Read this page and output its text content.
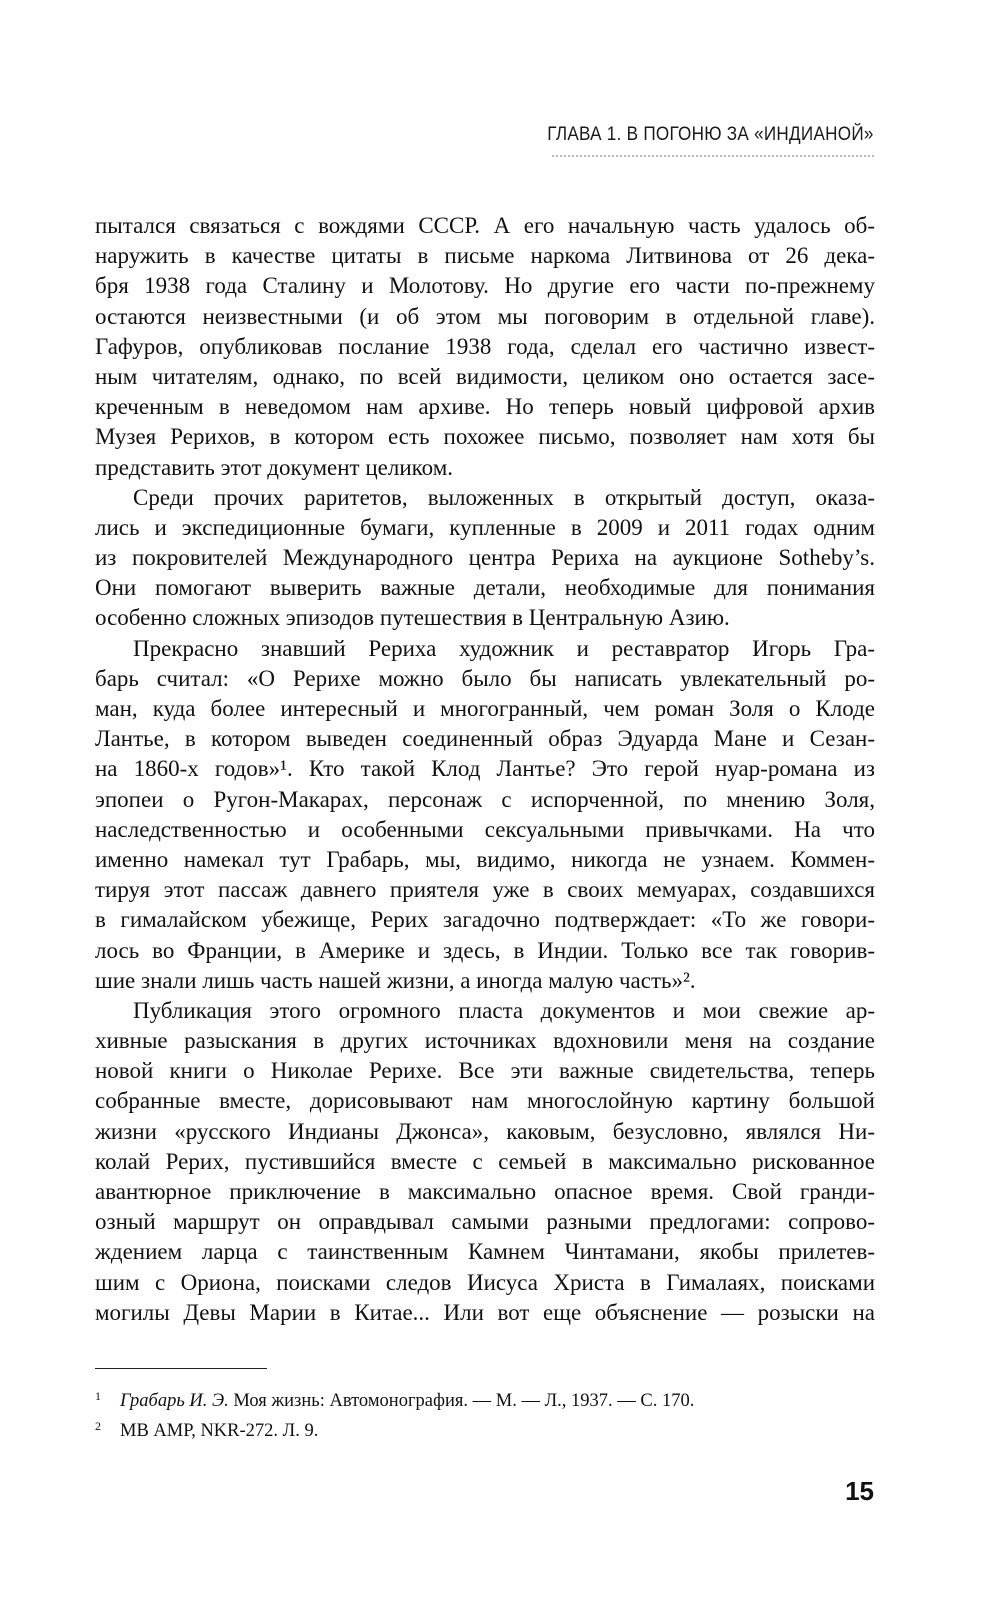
ГЛАВА 1. В ПОГОНЮ ЗА «ИНДИАНОЙ»
пытался связаться с вождями СССР. А его начальную часть удалось об-
наружить в качестве цитаты в письме наркома Литвинова от 26 дека-
бря 1938 года Сталину и Молотову. Но другие его части по-прежнему
остаются неизвестными (и об этом мы поговорим в отдельной главе).
Гафуров, опубликовав послание 1938 года, сделал его частично извест-
ным читателям, однако, по всей видимости, целиком оно остается засе-
креченным в неведомом нам архиве. Но теперь новый цифровой архив
Музея Рерихов, в котором есть похожее письмо, позволяет нам хотя бы
представить этот документ целиком.
Среди прочих раритетов, выложенных в открытый доступ, оказа-
лись и экспедиционные бумаги, купленные в 2009 и 2011 годах одним
из покровителей Международного центра Рериха на аукционе Sotheby’s.
Они помогают выверить важные детали, необходимые для понимания
особенно сложных эпизодов путешествия в Центральную Азию.
Прекрасно знавший Рериха художник и реставратор Игорь Гра-
барь считал: «О Рерихе можно было бы написать увлекательный ро-
ман, куда более интересный и многогранный, чем роман Золя о Клоде
Лантье, в котором выведен соединенный образ Эдуарда Мане и Сезан-
на 1860-х годов»¹. Кто такой Клод Лантье? Это герой нуар-романа из
эпопеи о Ругон-Макарах, персонаж с испорченной, по мнению Золя,
наследственностью и особенными сексуальными привычками. На что
именно намекал тут Грабарь, мы, видимо, никогда не узнаем. Коммен-
тируя этот пассаж давнего приятеля уже в своих мемуарах, создавшихся
в гималайском убежище, Рерих загадочно подтверждает: «То же говори-
лось во Франции, в Америке и здесь, в Индии. Только все так говорив-
шие знали лишь часть нашей жизни, а иногда малую часть»².
Публикация этого огромного пласта документов и мои свежие ар-
хивные разыскания в других источниках вдохновили меня на создание
новой книги о Николае Рерихе. Все эти важные свидетельства, теперь
собранные вместе, дорисовывают нам многослойную картину большой
жизни «русского Индианы Джонса», каковым, безусловно, являлся Ни-
колай Рерих, пустившийся вместе с семьей в максимально рискованное
авантюрное приключение в максимально опасное время. Свой гранди-
озный маршрут он оправдывал самыми разными предлогами: сопрово-
ждением ларца с таинственным Камнем Чинтамани, якобы прилетев-
шим с Ориона, поисками следов Иисуса Христа в Гималаях, поисками
могилы Девы Марии в Китае... Или вот еще объяснение — розыски на
1 Грабарь И. Э. Моя жизнь: Автомонография. — М. — Л., 1937. — С. 170.
2 МВ АМР, NKR-272. Л. 9.
15
